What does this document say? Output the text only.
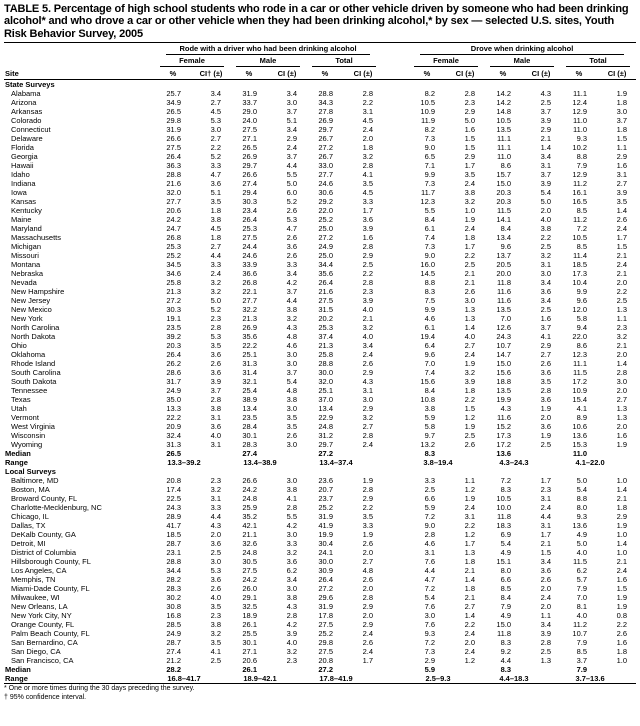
TABLE 5. Percentage of high school students who rode in a car or other vehicle driven by someone who had been drinking alcohol* and who drove a car or other vehicle when they had been drinking alcohol,* by sex — selected U.S. sites, Youth Risk Behavior Survey, 2005
Site	Rode with a driver who had been drinking alcohol							Drove when drinking alcohol					

	Female		Male		Total			Female		Male		Total	

	%	CI† (±)	%	CI (±)	%	CI (±)		%	CI (±)	%	CI (±)	%	CI (±)
State Surveys													
Alabama	25.7	3.4	31.9	3.4	28.8	2.8		8.2	2.8	14.2	4.3	11.1	1.9
Arizona	34.9	2.7	33.7	3.0	34.3	2.2		10.5	2.3	14.2	2.5	12.4	1.8
Arkansas	26.5	4.5	29.0	3.7	27.8	3.1		10.9	2.9	14.8	3.7	12.9	3.0
Colorado	29.8	5.3	24.0	5.1	26.9	4.5		11.9	5.0	10.5	3.9	11.0	3.7
Connecticut	31.9	3.0	27.5	3.4	29.7	2.4		8.2	1.6	13.5	2.9	11.0	1.8
Delaware	26.6	2.7	27.1	2.9	26.7	2.0		7.3	1.5	11.1	2.1	9.3	1.5
Florida	27.5	2.2	26.5	2.4	27.2	1.8		9.0	1.5	11.1	1.4	10.2	1.1
Georgia	26.4	5.2	26.9	3.7	26.7	3.2		6.5	2.9	11.0	3.4	8.8	2.9
Hawaii	36.3	3.3	29.7	4.4	33.0	2.8		7.1	1.7	8.6	3.1	7.9	1.6
Idaho	28.8	4.7	26.6	5.5	27.7	4.1		9.9	3.5	15.7	3.7	12.9	3.1
Indiana	21.6	3.6	27.4	5.0	24.6	3.5		7.3	2.4	15.0	3.9	11.2	2.7
Iowa	32.0	5.1	29.4	6.0	30.6	4.5		11.7	3.8	20.3	5.4	16.1	3.9
Kansas	27.7	3.5	30.3	5.2	29.2	3.3		12.3	3.2	20.3	5.0	16.5	3.5
Kentucky	20.6	1.8	23.4	2.6	22.0	1.7		5.5	1.0	11.5	2.0	8.5	1.4
Maine	24.2	3.8	26.4	5.3	25.2	3.6		8.4	1.9	14.1	4.0	11.2	2.6
Maryland	24.7	4.5	25.3	4.7	25.0	3.9		6.1	2.4	8.4	3.8	7.2	2.4
Massachusetts	26.8	1.8	27.5	2.6	27.2	1.6		7.4	1.8	13.4	2.2	10.5	1.7
Michigan	25.3	2.7	24.4	3.6	24.9	2.8		7.3	1.7	9.6	2.5	8.5	1.5
Missouri	25.2	4.4	24.6	2.6	25.0	2.9		9.0	2.2	13.7	3.2	11.4	2.1
Montana	34.5	3.3	33.9	3.3	34.4	2.5		16.0	2.5	20.5	3.1	18.5	2.4
Nebraska	34.6	2.4	36.6	3.4	35.6	2.2		14.5	2.1	20.0	3.0	17.3	2.1
Nevada	25.8	3.2	26.8	4.2	26.4	2.8		8.8	2.1	11.8	3.4	10.4	2.0
New Hampshire	21.3	3.2	22.1	3.7	21.6	2.3		8.3	2.6	11.6	3.6	9.9	2.2
New Jersey	27.2	5.0	27.7	4.4	27.5	3.9		7.5	3.0	11.6	3.4	9.6	2.5
New Mexico	30.3	5.2	32.2	3.8	31.5	4.0		9.9	1.3	13.5	2.5	12.0	1.3
New York	19.1	2.3	21.3	3.2	20.2	2.1		4.6	1.3	7.0	1.6	5.8	1.1
North Carolina	23.5	2.8	26.9	4.3	25.3	3.2		6.1	1.4	12.6	3.7	9.4	2.3
North Dakota	39.2	5.3	35.6	4.8	37.4	4.0		19.4	4.0	24.3	4.1	22.0	3.2
Ohio	20.3	3.5	22.2	4.6	21.3	3.4		6.4	2.7	10.7	2.9	8.6	2.1
Oklahoma	26.4	3.6	25.1	3.0	25.8	2.4		9.6	2.4	14.7	2.7	12.3	2.0
Rhode Island	26.2	2.6	31.3	3.0	28.8	2.6		7.0	1.9	15.0	2.6	11.1	1.4
South Carolina	28.6	3.6	31.4	3.7	30.0	2.9		7.4	3.2	15.6	3.6	11.5	2.8
South Dakota	31.7	3.9	32.1	5.4	32.0	4.3		15.6	3.9	18.8	3.5	17.2	3.0
Tennessee	24.9	3.7	25.4	4.8	25.1	3.1		8.4	1.8	13.5	2.8	10.9	2.0
Texas	35.0	2.8	38.9	3.8	37.0	3.0		10.8	2.2	19.9	3.6	15.4	2.7
Utah	13.3	3.8	13.4	3.0	13.4	2.9		3.8	1.5	4.3	1.9	4.1	1.3
Vermont	22.2	3.1	23.5	3.5	22.9	3.2		5.9	1.2	11.6	2.0	8.9	1.3
West Virginia	20.9	3.6	28.4	3.5	24.8	2.7		5.8	1.9	15.2	3.6	10.6	2.0
Wisconsin	32.4	4.0	30.1	2.6	31.2	2.8		9.7	2.5	17.3	1.9	13.6	1.6
Wyoming	31.3	3.1	28.3	3.0	29.7	2.4		13.2	2.6	17.2	2.5	15.3	1.9
Median	26.5		27.4		27.2			8.3		13.6		11.0	
Range	13.3–39.2		13.4–38.9		13.4–37.4			3.8–19.4		4.3–24.3		4.1–22.0	
Local Surveys													
Baltimore, MD	20.8	2.3	26.6	3.0	23.6	1.9		3.3	1.1	7.2	1.7	5.0	1.0
Boston, MA	17.4	3.2	24.2	3.8	20.7	2.8		2.5	1.2	8.3	2.3	5.4	1.4
Broward County, FL	22.5	3.1	24.8	4.1	23.7	2.9		6.6	1.9	10.5	3.1	8.8	2.1
Charlotte-Mecklenburg, NC	24.3	3.3	25.9	2.8	25.2	2.2		5.9	2.4	10.0	2.4	8.0	1.8
Chicago, IL	28.9	4.4	35.2	5.5	31.9	3.5		7.2	3.1	11.8	4.4	9.3	2.9
Dallas, TX	41.7	4.3	42.1	4.2	41.9	3.3		9.0	2.2	18.3	3.1	13.6	1.9
DeKalb County, GA	18.5	2.0	21.1	3.0	19.9	1.9		2.8	1.2	6.9	1.7	4.9	1.0
Detroit, MI	28.7	3.6	32.6	3.3	30.4	2.6		4.6	1.7	5.4	2.1	5.0	1.4
District of Columbia	23.1	2.5	24.8	3.2	24.1	2.0		3.1	1.3	4.9	1.5	4.0	1.0
Hillsborough County, FL	28.8	3.0	30.5	3.6	30.0	2.7		7.6	1.8	15.1	3.4	11.5	2.1
Los Angeles, CA	34.4	5.3	27.5	6.2	30.9	4.8		4.4	2.1	8.0	3.6	6.2	2.4
Memphis, TN	28.2	3.6	24.2	3.4	26.4	2.6		4.7	1.4	6.6	2.6	5.7	1.6
Miami-Dade County, FL	28.3	2.6	26.0	3.0	27.2	2.0		7.2	1.8	8.5	2.0	7.9	1.5
Milwaukee, WI	30.2	4.0	29.1	3.8	29.6	2.8		5.4	2.1	8.4	2.4	7.0	1.9
New Orleans, LA	30.8	3.5	32.5	4.3	31.9	2.9		7.6	2.7	7.9	2.0	8.1	1.9
New York City, NY	16.8	2.3	18.9	2.8	17.8	2.0		3.0	1.4	4.9	1.1	4.0	0.8
Orange County, FL	28.5	3.8	26.1	4.2	27.5	2.9		7.6	2.2	15.0	3.4	11.2	2.2
Palm Beach County, FL	24.9	3.2	25.5	3.9	25.2	2.4		9.3	2.4	11.8	3.9	10.7	2.6
San Bernardino, CA	28.7	3.5	30.1	4.0	29.8	2.6		7.2	2.0	8.3	2.8	7.9	1.6
San Diego, CA	27.4	4.1	27.1	3.2	27.5	2.4		7.3	2.4	9.2	2.5	8.5	1.8
San Francisco, CA	21.2	2.5	20.6	2.3	20.8	1.7		2.9	1.2	4.4	1.3	3.7	1.0
Median	28.2		26.1		27.2			5.9		8.3		7.9	
Range	16.8–41.7		18.9–42.1		17.8–41.9			2.5–9.3		4.4–18.3		3.7–13.6	
* One or more times during the 30 days preceding the survey.
† 95% confidence interval.
